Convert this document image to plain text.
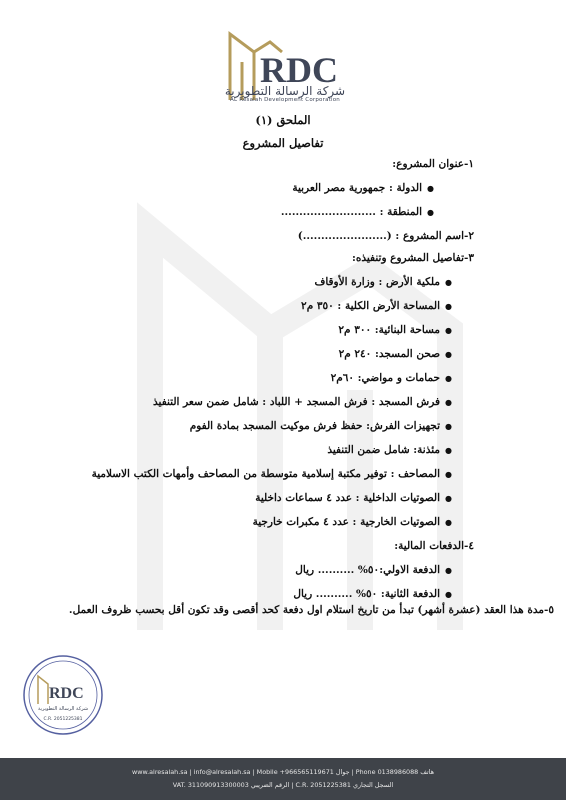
RDC
شركة الرسالة التطويرية
AL Resalah Development Corporation
الملحق (١)
تفاصيل المشروع
١-عنوان المشروع:
● الدولة : جمهورية مصر العربية
● المنطقة : ..........................
٢-اسم المشروع : (.......................)
٣-تفاصيل المشروع وتنفيذه:
● ملكية الأرض : وزارة الأوقاف
● المساحة الأرض الكلية : ٣٥٠ م٢
● مساحة البنائية: ٣٠٠ م٢
● صحن المسجد: ٢٤٠ م٢
● حمامات و مواضي: ٦٠م٢
● فرش المسجد : فرش المسجد + اللباد : شامل ضمن سعر التنفيذ
● تجهيزات الفرش: حفظ فرش موكيت المسجد بمادة الفوم
● مئذنة: شامل ضمن التنفيذ
● المصاحف : توفير مكتبة إسلامية متوسطة من المصاحف وأمهات الكتب الاسلامية
● الصوتيات الداخلية : عدد ٤ سماعات داخلية
● الصوتيات الخارجية : عدد ٤ مكبرات خارجية
٤-الدفعات المالية:
● الدفعة الاولي:٥٠% .......... ريال
● الدفعة الثانية: ٥٠% .......... ريال
٥-مدة هذا العقد (عشرة أشهر) تبدأ من تاريخ استلام اول دفعة كحد أقصى وقد تكون أقل بحسب ظروف العمل.
RDC
شركة الرسالة التطويرية
C.R. 2051225381
www.alresalah.sa | info@alresalah.sa | Mobile +966565119671 جوال | Phone 0138986088 هاتف
VAT. 311090913300003 الرقم الضريبي | C.R. 2051225381 السجل التجاري
